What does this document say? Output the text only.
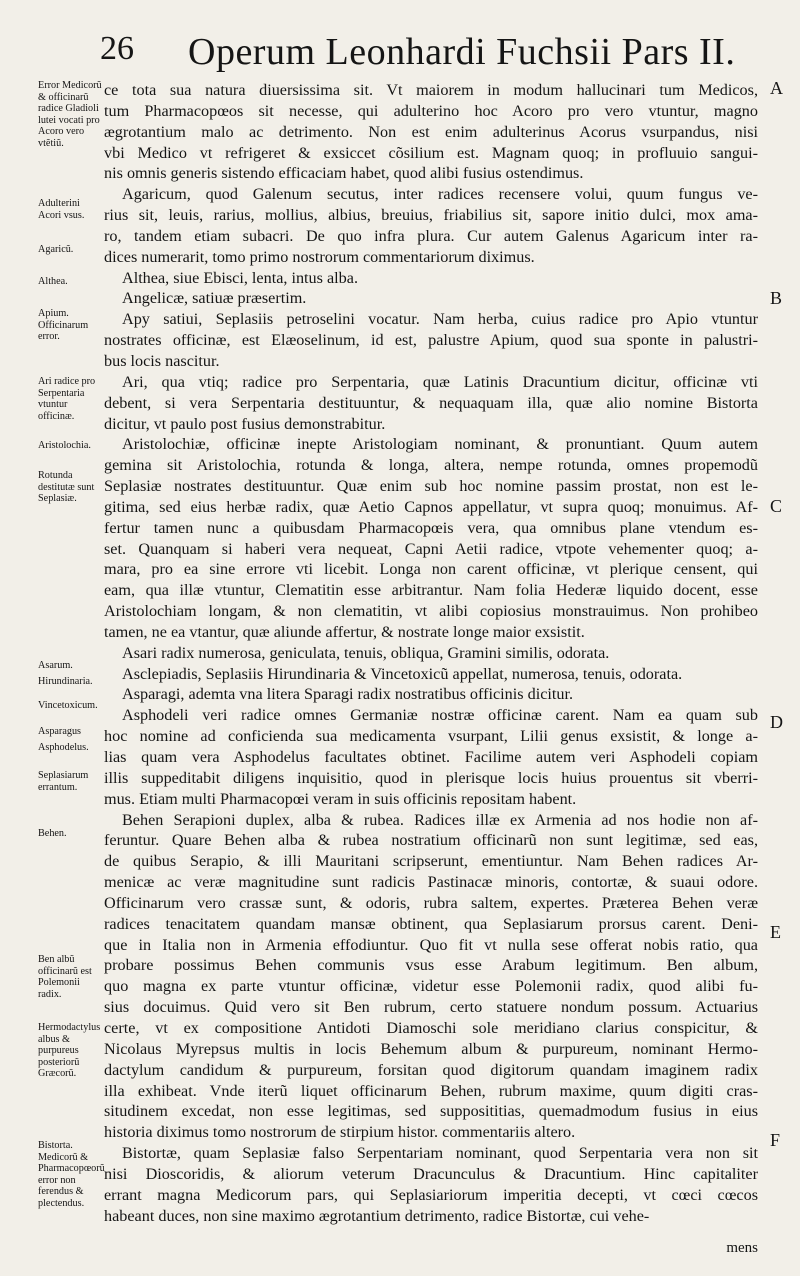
26 Operum Leonhardi Fuchsii Pars II.
Error Medicorũ & officinarũ radice Gladioli lutei vocati pro Acoro vero vtẽtiũ.
Adulterini Acori vsus.
Agaricũ.
Althea.
Apium. Officinarum error.
Ari radice pro Serpentaria vtuntur officinæ.
Aristolochia.
Rotunda destitutæ sunt Seplasiæ.
Asarum.
Hirundinaria.
Vincetoxicum.
Asparagus
Asphodelus.
Seplasiarum errantum.
Behen.
Ben albũ officinarũ est Polemonii radix.
Hermodactylus albus & purpureus posteriorũ Græcorũ.
Bistorta. Medicorũ & Pharmacopœorũ error non ferendus & plectendus.
ce tota sua natura diuersissima sit. Vt maiorem in modum hallucinari tum Medicos,
tum Pharmacopœos sit necesse, qui adulterino hoc Acoro pro vero vtuntur, magno
ægrotantium malo ac detrimento. Non est enim adulterinus Acorus vsurpandus, nisi
vbi Medico vt refrigeret & exsiccet cõsilium est. Magnam quoq; in profluuio sangui-
nis omnis generis sistendo efficaciam habet, quod alibi fusius ostendimus.
Agaricum, quod Galenum secutus, inter radices recensere volui, quum fungus ve-
rius sit, leuis, rarius, mollius, albius, breuius, friabilius sit, sapore initio dulci, mox ama-
ro, tandem etiam subacri. De quo infra plura. Cur autem Galenus Agaricum inter ra-
dices numerarit, tomo primo nostrorum commentariorum diximus.
Althea, siue Ebisci, lenta, intus alba.
Angelicæ, satiuæ præsertim.
Apy satiui, Seplasiis petroselini vocatur. Nam herba, cuius radice pro Apio vtuntur
nostrates officinæ, est Elæoselinum, id est, palustre Apium, quod sua sponte in palustri-
bus locis nascitur.
Ari, qua vtiq; radice pro Serpentaria, quæ Latinis Dracuntium dicitur, officinæ vti
debent, si vera Serpentaria destituuntur, & nequaquam illa, quæ alio nomine Bistorta
dicitur, vt paulo post fusius demonstrabitur.
Aristolochiæ, officinæ inepte Aristologiam nominant, & pronuntiant. Quum autem
gemina sit Aristolochia, rotunda & longa, altera, nempe rotunda, omnes propemodũ
Seplasiæ nostrates destituuntur. Quæ enim sub hoc nomine passim prostat, non est le-
gitima, sed eius herbæ radix, quæ Aetio Capnos appellatur, vt supra quoq; monuimus. Af-
fertur tamen nunc a quibusdam Pharmacopœis vera, qua omnibus plane vtendum es-
set. Quanquam si haberi vera nequeat, Capni Aetii radice, vtpote vehementer quoq; a-
mara, pro ea sine errore vti licebit. Longa non carent officinæ, vt plerique censent, qui
eam, qua illæ vtuntur, Clematitin esse arbitrantur. Nam folia Hederæ liquido docent, esse
Aristolochiam longam, & non clematitin, vt alibi copiosius monstrauimus. Non prohibeo
tamen, ne ea vtantur, quæ aliunde affertur, & nostrate longe maior exsistit.
Asari radix numerosa, geniculata, tenuis, obliqua, Gramini similis, odorata.
Asclepiadis, Seplasiis Hirundinaria & Vincetoxicũ appellat, numerosa, tenuis, odorata.
Asparagi, ademta vna litera Sparagi radix nostratibus officinis dicitur.
Asphodeli veri radice omnes Germaniæ nostræ officinæ carent. Nam ea quam sub
hoc nomine ad conficienda sua medicamenta vsurpant, Lilii genus exsistit, & longe a-
lias quam vera Asphodelus facultates obtinet. Facilime autem veri Asphodeli copiam
illis suppeditabit diligens inquisitio, quod in plerisque locis huius prouentus sit vberri-
mus. Etiam multi Pharmacopœi veram in suis officinis repositam habent.
Behen Serapioni duplex, alba & rubea. Radices illæ ex Armenia ad nos hodie non af-
feruntur. Quare Behen alba & rubea nostratium officinarũ non sunt legitimæ, sed eas,
de quibus Serapio, & illi Mauritani scripserunt, ementiuntur. Nam Behen radices Ar-
menicæ ac veræ magnitudine sunt radicis Pastinacæ minoris, contortæ, & suaui odore.
Officinarum vero crassæ sunt, & odoris, rubra saltem, expertes. Præterea Behen veræ
radices tenacitatem quandam mansæ obtinent, qua Seplasiarum prorsus carent. Deni-
que in Italia non in Armenia effodiuntur. Quo fit vt nulla sese offerat nobis ratio, qua
probare possimus Behen communis vsus esse Arabum legitimum. Ben album,
quo magna ex parte vtuntur officinæ, videtur esse Polemonii radix, quod alibi fu-
sius docuimus. Quid vero sit Ben rubrum, certo statuere nondum possum. Actuarius
certe, vt ex compositione Antidoti Diamoschi sole meridiano clarius conspicitur, &
Nicolaus Myrepsus multis in locis Behemum album & purpureum, nominant Hermo-
dactylum candidum & purpureum, forsitan quod digitorum quandam imaginem radix
illa exhibeat. Vnde iterũ liquet officinarum Behen, rubrum maxime, quum digiti cras-
situdinem excedat, non esse legitimas, sed supposititias, quemadmodum fusius in eius
historia diximus tomo nostrorum de stirpium histor. commentariis altero.
Bistortæ, quam Seplasiæ falso Serpentariam nominant, quod Serpentaria vera non sit
nisi Dioscoridis, & aliorum veterum Dracunculus & Dracuntium. Hinc capitaliter
errant magna Medicorum pars, qui Seplasiariorum imperitia decepti, vt cœci cœcos
habeant duces, non sine maximo ægrotantium detrimento, radice Bistortæ, cui vehe-
A
B
C
D
E
F
mens
